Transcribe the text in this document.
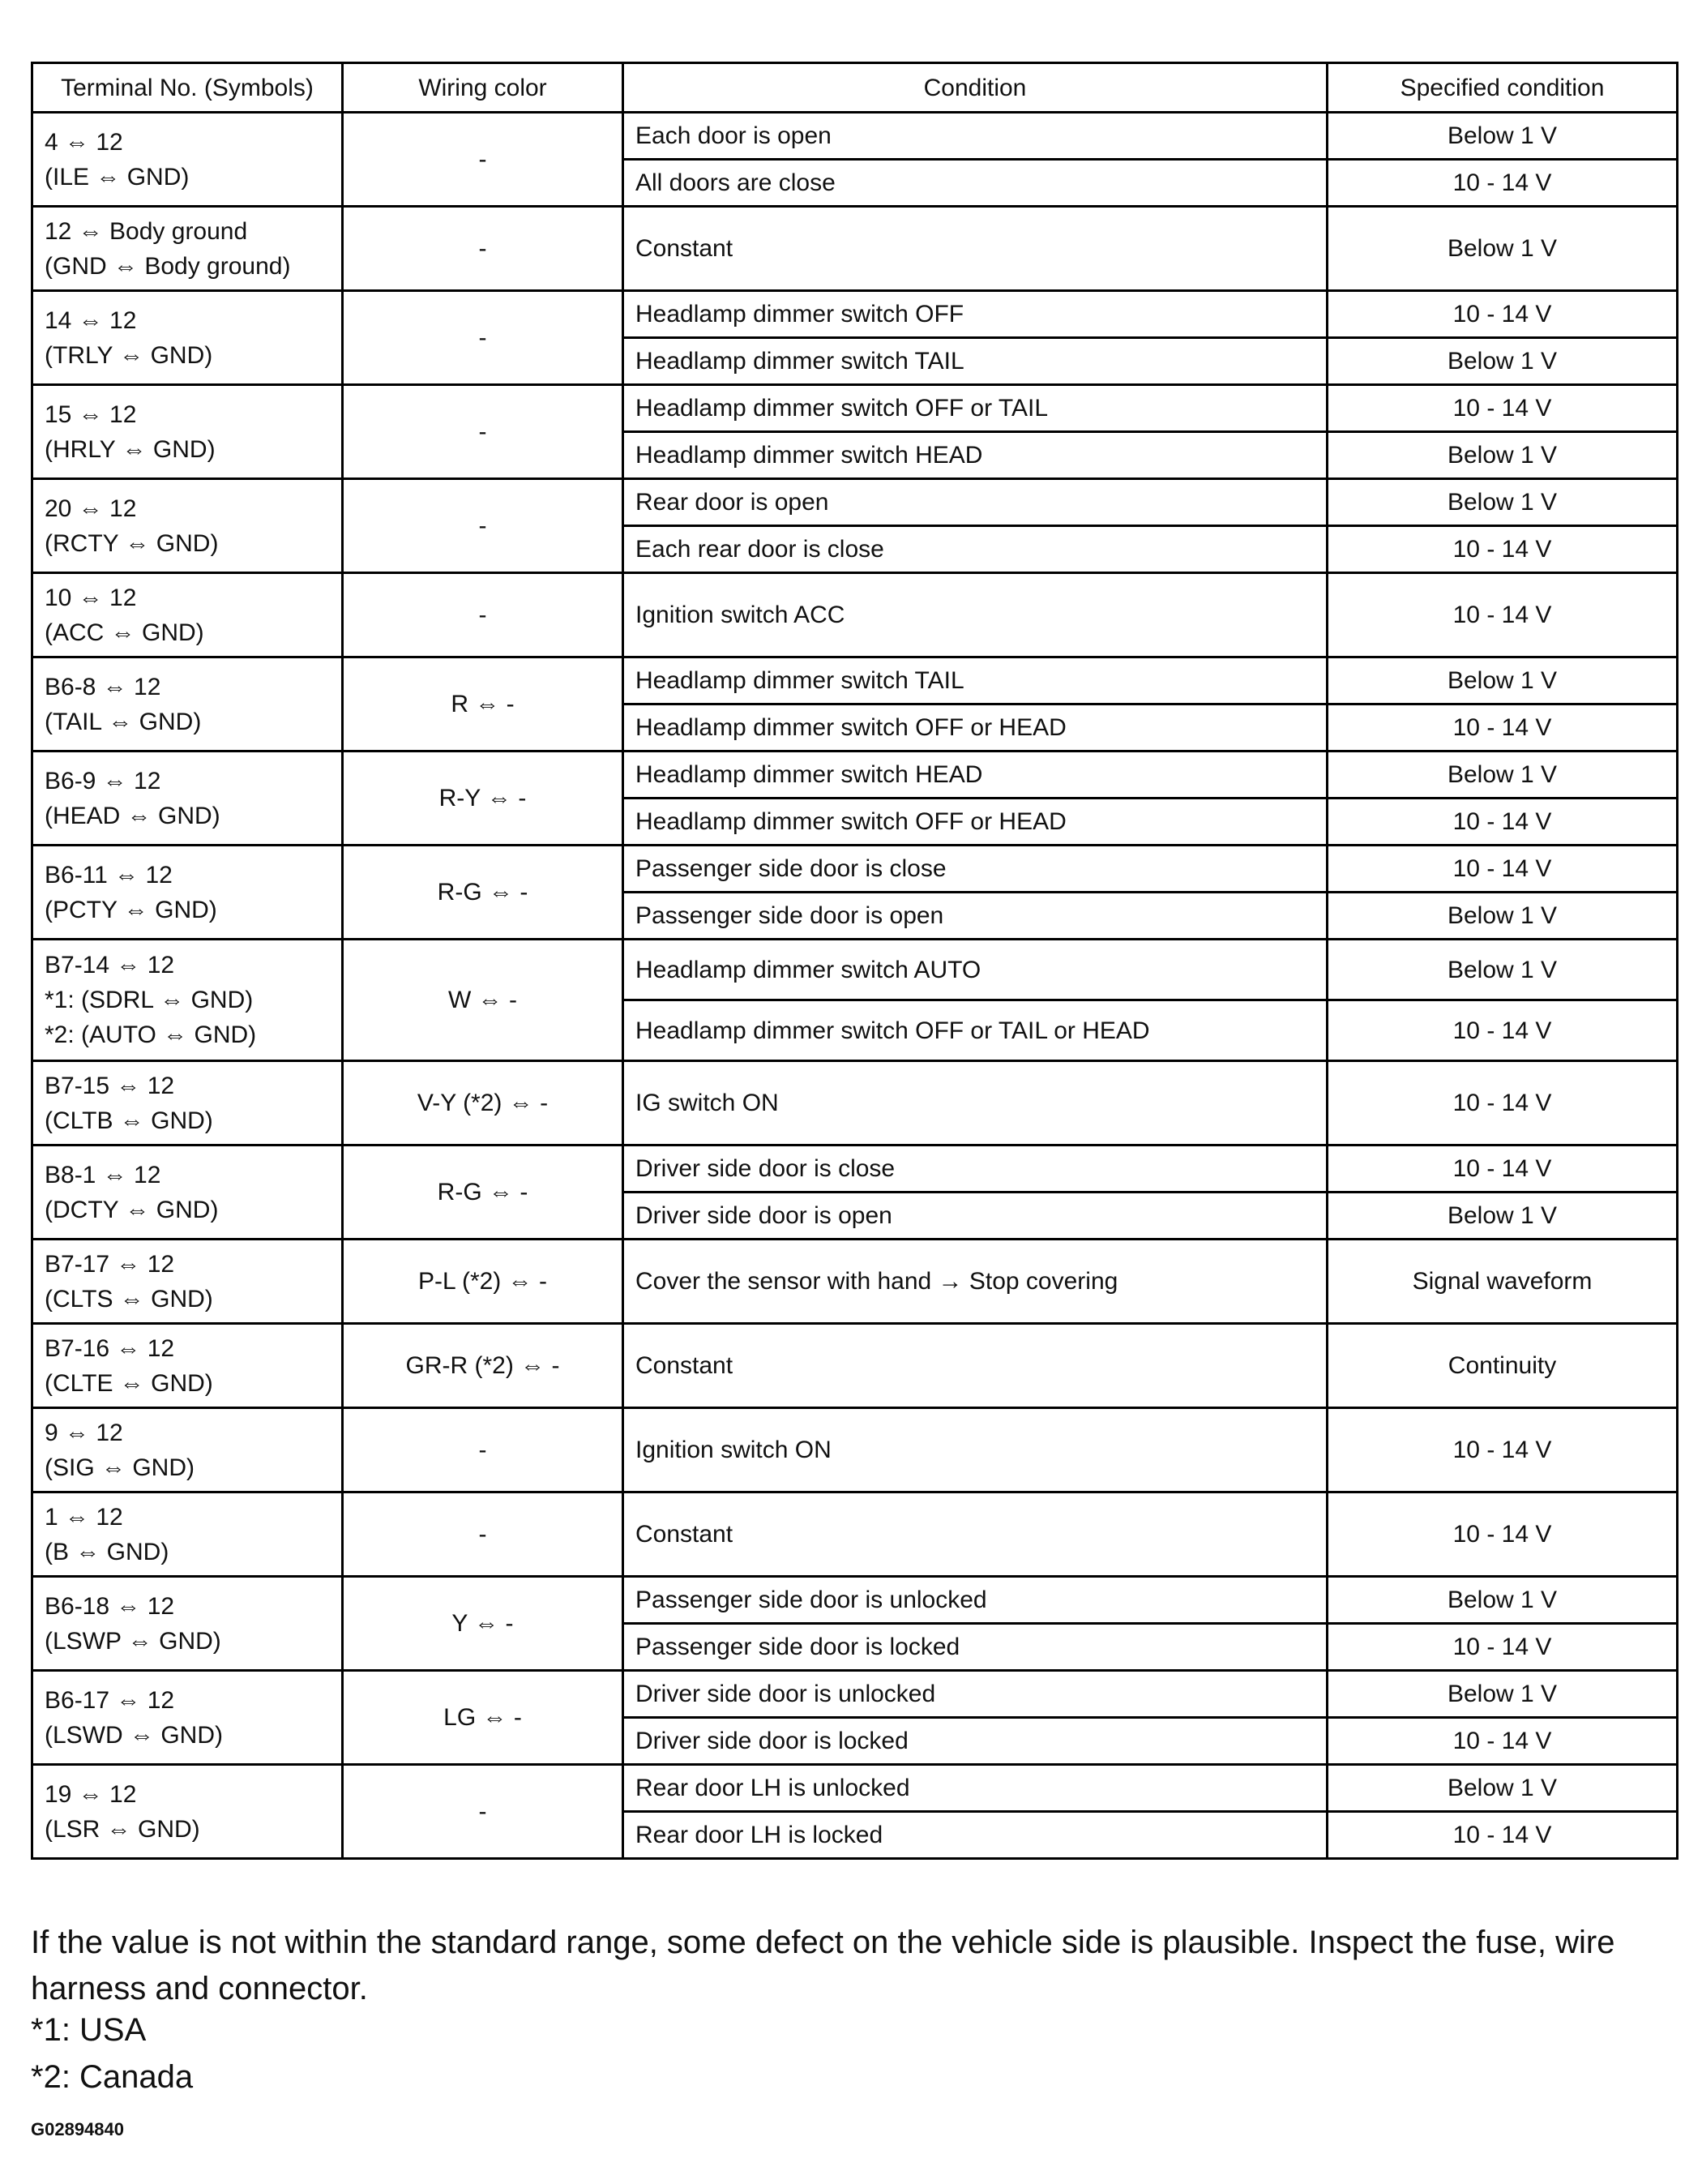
Terminal No. (Symbols)	Wiring color	Condition	Specified condition

4 ⇔ 12
(ILE ⇔ GND)	-	Each door is open	Below 1 V
		All doors are close	10 - 14 V

12 ⇔ Body ground
(GND ⇔ Body ground)	-	Constant	Below 1 V

14 ⇔ 12
(TRLY ⇔ GND)	-	Headlamp dimmer switch OFF	10 - 14 V
		Headlamp dimmer switch TAIL	Below 1 V

15 ⇔ 12
(HRLY ⇔ GND)	-	Headlamp dimmer switch OFF or TAIL	10 - 14 V
		Headlamp dimmer switch HEAD	Below 1 V

20 ⇔ 12
(RCTY ⇔ GND)	-	Rear door is open	Below 1 V
		Each rear door is close	10 - 14 V

10 ⇔ 12
(ACC ⇔ GND)	-	Ignition switch ACC	10 - 14 V

B6-8 ⇔ 12
(TAIL ⇔ GND)	R ⇔ -	Headlamp dimmer switch TAIL	Below 1 V
		Headlamp dimmer switch OFF or HEAD	10 - 14 V

B6-9 ⇔ 12
(HEAD ⇔ GND)	R-Y ⇔ -	Headlamp dimmer switch HEAD	Below 1 V
		Headlamp dimmer switch OFF or HEAD	10 - 14 V

B6-11 ⇔ 12
(PCTY ⇔ GND)	R-G ⇔ -	Passenger side door is close	10 - 14 V
		Passenger side door is open	Below 1 V

B7-14 ⇔ 12
*1: (SDRL ⇔ GND)
*2: (AUTO ⇔ GND)	W ⇔ -	Headlamp dimmer switch AUTO	Below 1 V
		Headlamp dimmer switch OFF or TAIL or HEAD	10 - 14 V

B7-15 ⇔ 12
(CLTB ⇔ GND)	V-Y (*2) ⇔ -	IG switch ON	10 - 14 V

B8-1 ⇔ 12
(DCTY ⇔ GND)	R-G ⇔ -	Driver side door is close	10 - 14 V
		Driver side door is open	Below 1 V

B7-17 ⇔ 12
(CLTS ⇔ GND)	P-L (*2) ⇔ -	Cover the sensor with hand → Stop covering	Signal waveform

B7-16 ⇔ 12
(CLTE ⇔ GND)	GR-R (*2) ⇔ -	Constant	Continuity

9 ⇔ 12
(SIG ⇔ GND)	-	Ignition switch ON	10 - 14 V

1 ⇔ 12
(B ⇔ GND)	-	Constant	10 - 14 V

B6-18 ⇔ 12
(LSWP ⇔ GND)	Y ⇔ -	Passenger side door is unlocked	Below 1 V
		Passenger side door is locked	10 - 14 V

B6-17 ⇔ 12
(LSWD ⇔ GND)	LG ⇔ -	Driver side door is unlocked	Below 1 V
		Driver side door is locked	10 - 14 V

19 ⇔ 12
(LSR ⇔ GND)	-	Rear door LH is unlocked	Below 1 V
		Rear door LH is locked	10 - 14 V
If the value is not within the standard range, some defect on the vehicle side is plausible. Inspect the fuse, wire harness and connector.
*1: USA
*2: Canada
G02894840
